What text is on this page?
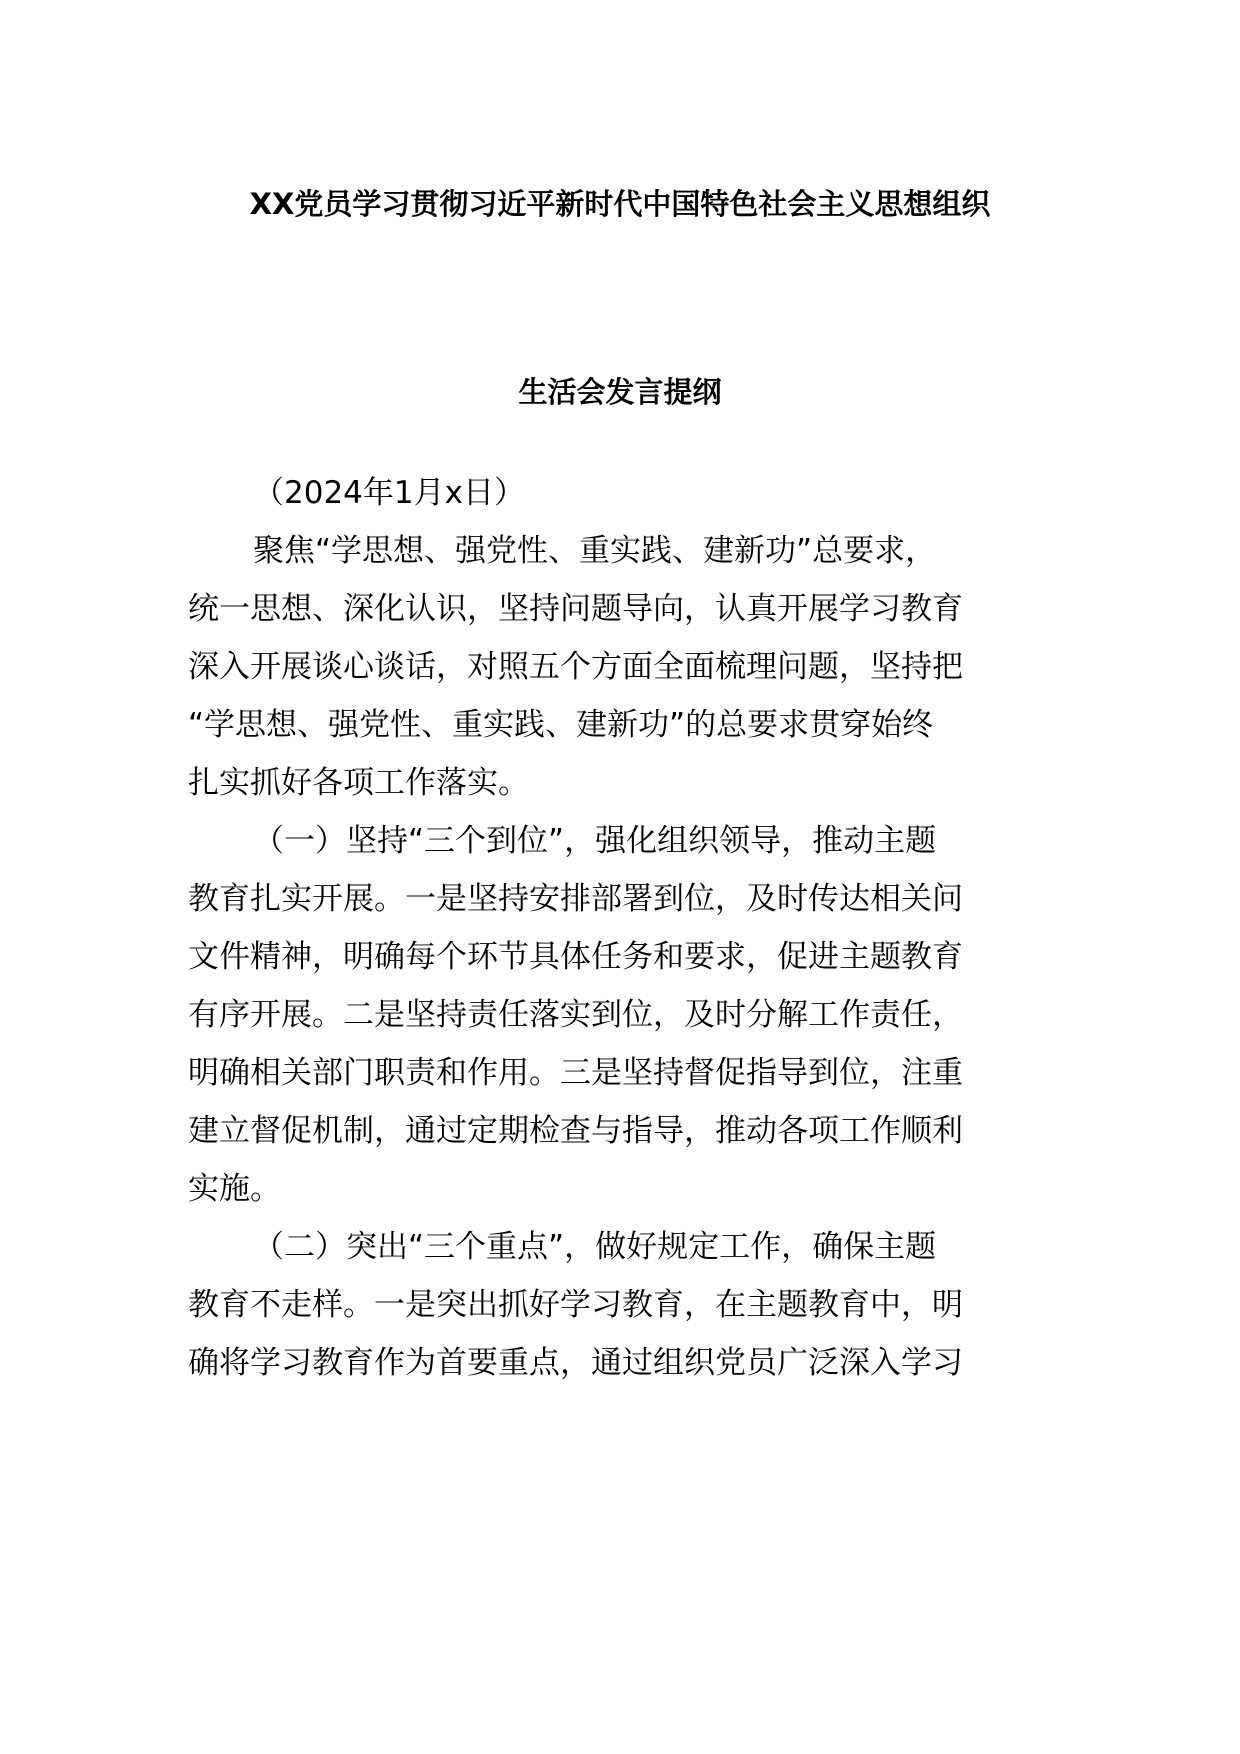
XX党员学习贯彻习近平新时代中国特色社会主义思想组织
生活会发言提纲

（2024年1月x日）

聚焦“学思想、强党性、重实践、建新功”总要求，

统一思想、深化认识，坚持问题导向，认真开展学习教育

深入开展谈心谈话，对照五个方面全面梳理问题，坚持把

“学思想、强党性、重实践、建新功”的总要求贯穿始终

扎实抓好各项工作落实。

（一）坚持“三个到位”，强化组织领导，推动主题

教育扎实开展。一是坚持安排部署到位，及时传达相关问

文件精神，明确每个环节具体任务和要求，促进主题教育

有序开展。二是坚持责任落实到位，及时分解工作责任，

明确相关部门职责和作用。三是坚持督促指导到位，注重

建立督促机制，通过定期检查与指导，推动各项工作顺利

实施。

（二）突出“三个重点”，做好规定工作，确保主题

教育不走样。一是突出抓好学习教育，在主题教育中，明

确将学习教育作为首要重点，通过组织党员广泛深入学习
